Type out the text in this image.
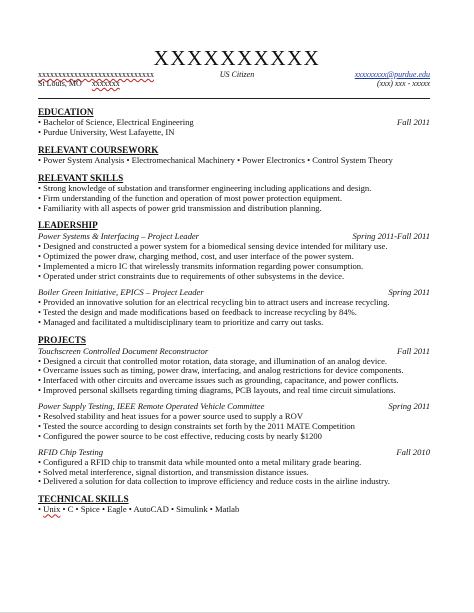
XXXXXXXXXX
xxxxxxxxxxxxxxxxxxxxxxxxxxxxx
St Louis, MO xxxxxxx
US Citizen	xxxxxxxxx@purdue.edu
(xxx) xxx - xxxxx
EDUCATION
• Bachelor of Science, Electrical Engineering	Fall 2011
• Purdue University, West Lafayette, IN
RELEVANT COURSEWORK
• Power System Analysis • Electromechanical Machinery • Power Electronics • Control System Theory
RELEVANT SKILLS
• Strong knowledge of substation and transformer engineering including applications and design.
• Firm understanding of the function and operation of most power protection equipment.
• Familiarity with all aspects of power grid transmission and distribution planning.
LEADERSHIP
Power Systems & Interfacing – Project Leader	Spring 2011-Fall 2011
• Designed and constructed a power system for a biomedical sensing device intended for military use.
• Optimized the power draw, charging method, cost, and user interface of the power system.
• Implemented a micro IC that wirelessly transmits information regarding power consumption.
• Operated under strict constraints due to requirements of other subsystems in the device.
Boiler Green Initiative, EPICS – Project Leader	Spring 2011
• Provided an innovative solution for an electrical recycling bin to attract users and increase recycling.
• Tested the design and made modifications based on feedback to increase recycling by 84%.
• Managed and facilitated a multidisciplinary team to prioritize and carry out tasks.
PROJECTS
Touchscreen Controlled Document Reconstructor	Fall 2011
• Designed a circuit that controlled motor rotation, data storage, and illumination of an analog device.
• Overcame issues such as timing, power draw, interfacing, and analog restrictions for device components.
• Interfaced with other circuits and overcame issues such as grounding, capacitance, and power conflicts.
• Improved personal skillsets regarding timing diagrams, PCB layouts, and real time circuit simulations.
Power Supply Testing, IEEE Remote Operated Vehicle Committee	Spring 2011
• Resolved stability and heat issues for a power source used to supply a ROV
• Tested the source according to design constraints set forth by the 2011 MATE Competition
• Configured the power source to be cost effective, reducing costs by nearly $1200
RFID Chip Testing	Fall 2010
• Configured a RFID chip to transmit data while mounted onto a metal military grade bearing.
• Solved metal interference, signal distortion, and transmission distance issues.
• Delivered a solution for data collection to improve efficiency and reduce costs in the airline industry.
TECHNICAL SKILLS
• Unix • C • Spice • Eagle • AutoCAD • Simulink • Matlab
